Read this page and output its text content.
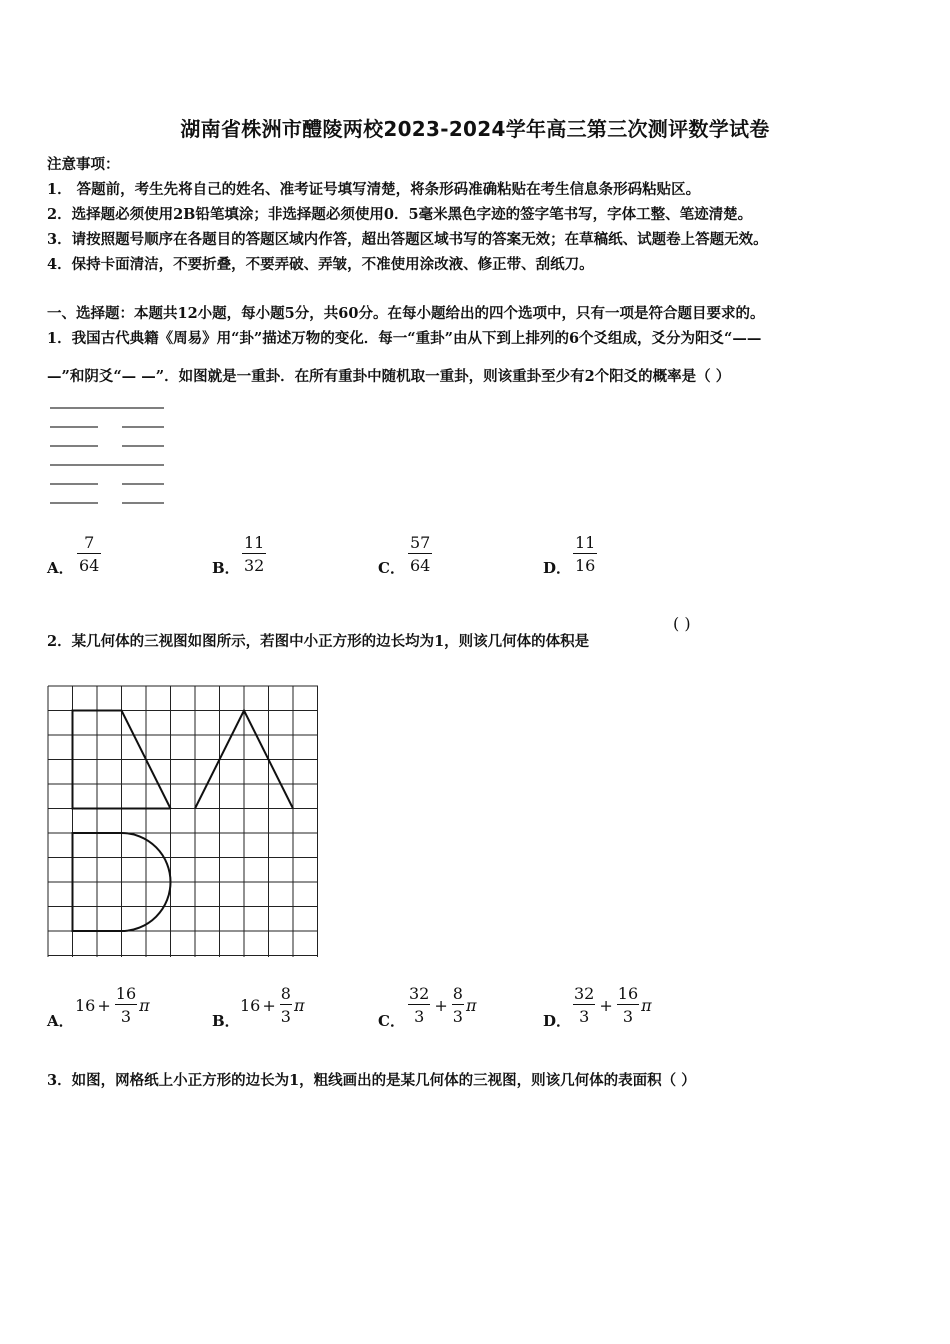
湖南省株洲市醴陵两校2023-2024学年高三第三次测评数学试卷
注意事项：
1． 答题前，考生先将自己的姓名、准考证号填写清楚，将条形码准确粘贴在考生信息条形码粘贴区。
2．选择题必须使用2B铅笔填涂；非选择题必须使用0．5毫米黑色字迹的签字笔书写，字体工整、笔迹清楚。
3．请按照题号顺序在各题目的答题区域内作答，超出答题区域书写的答案无效；在草稿纸、试题卷上答题无效。
4．保持卡面清洁，不要折叠，不要弄破、弄皱，不准使用涂改液、修正带、刮纸刀。
一、选择题：本题共12小题，每小题5分，共60分。在每小题给出的四个选项中，只有一项是符合题目要求的。
1．我国古代典籍《周易》用“卦”描述万物的变化．每一“重卦”由从下到上排列的6个爻组成，爻分为阳爻“——
—”和阴爻“— —”．如图就是一重卦．在所有重卦中随机取一重卦，则该重卦至少有2个阳爻的概率是（ ）
A．
7
64	B．
11
32	C．
57
64	D．
11
16
2．某几何体的三视图如图所示，若图中小正方形的边长均为1，则该几何体的体积是
( )
A．
16 +
16
3
π
B．
16 +
8
3
π
C．
32
3
+
8
3
π
D．
32
3
+
16
3
π
3．如图，网格纸上小正方形的边长为1，粗线画出的是某几何体的三视图，则该几何体的表面积（ ）
